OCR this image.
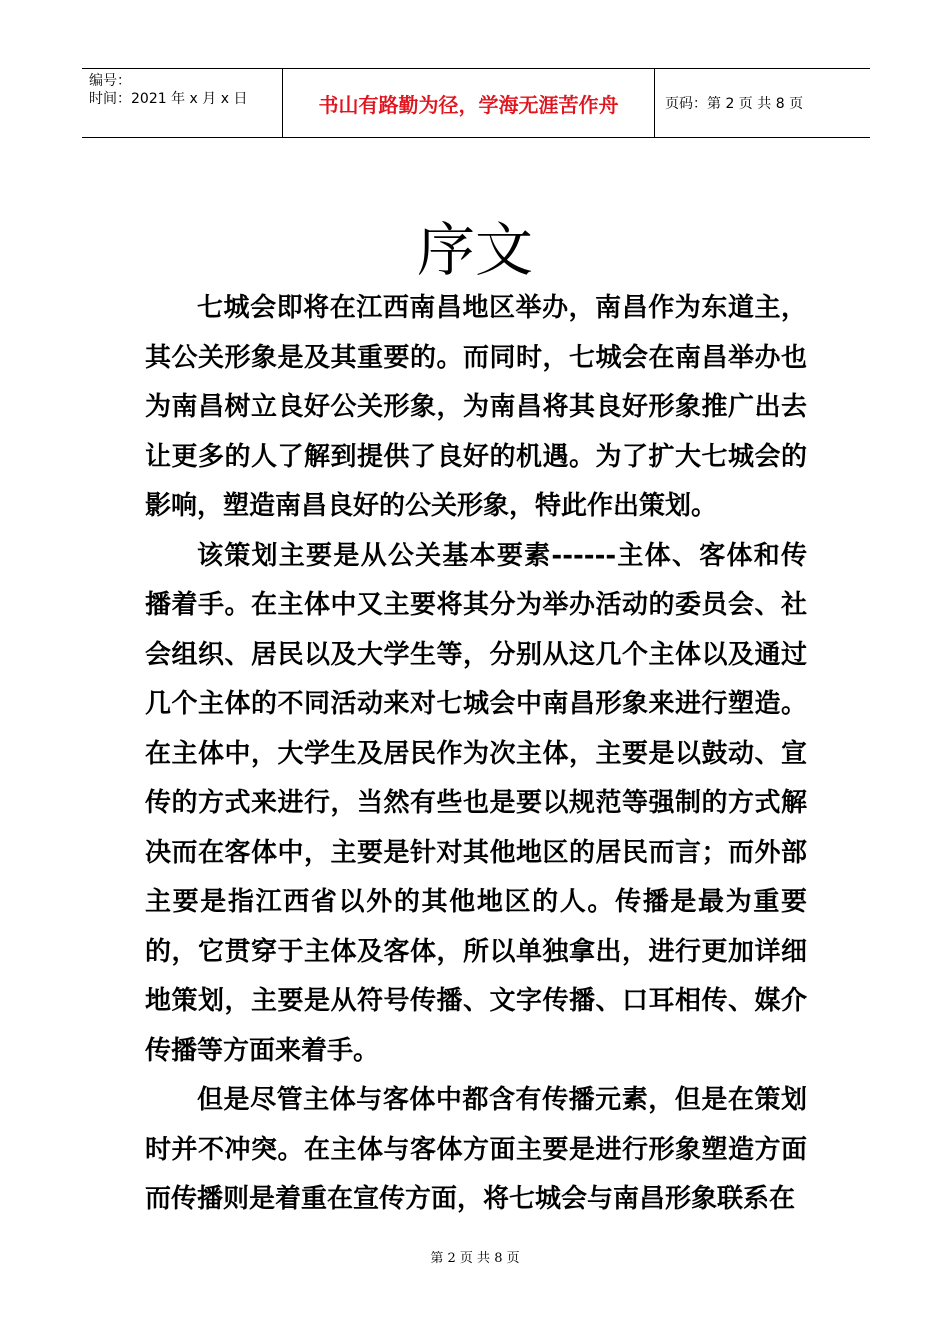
编号：
时间：2021 年 x 月 x 日	书山有路勤为径，学海无涯苦作舟	页码：第 2 页 共 8 页
序文

七城会即将在江西南昌地区举办，南昌作为东道主，其公关形象是及其重要的。而同时，七城会在南昌举办也为南昌树立良好公关形象，为南昌将其良好形象推广出去让更多的人了解到提供了良好的机遇。为了扩大七城会的影响，塑造南昌良好的公关形象，特此作出策划。

该策划主要是从公关基本要素------主体、客体和传播着手。在主体中又主要将其分为举办活动的委员会、社会组织、居民以及大学生等，分别从这几个主体以及通过几个主体的不同活动来对七城会中南昌形象来进行塑造。在主体中，大学生及居民作为次主体，主要是以鼓动、宣传的方式来进行，当然有些也是要以规范等强制的方式解决而在客体中，主要是针对其他地区的居民而言；而外部主要是指江西省以外的其他地区的人。传播是最为重要的，它贯穿于主体及客体，所以单独拿出，进行更加详细地策划，主要是从符号传播、文字传播、口耳相传、媒介传播等方面来着手。

但是尽管主体与客体中都含有传播元素，但是在策划时并不冲突。在主体与客体方面主要是进行形象塑造方面而传播则是着重在宣传方面，将七城会与南昌形象联系在

第 2 页 共 8 页
